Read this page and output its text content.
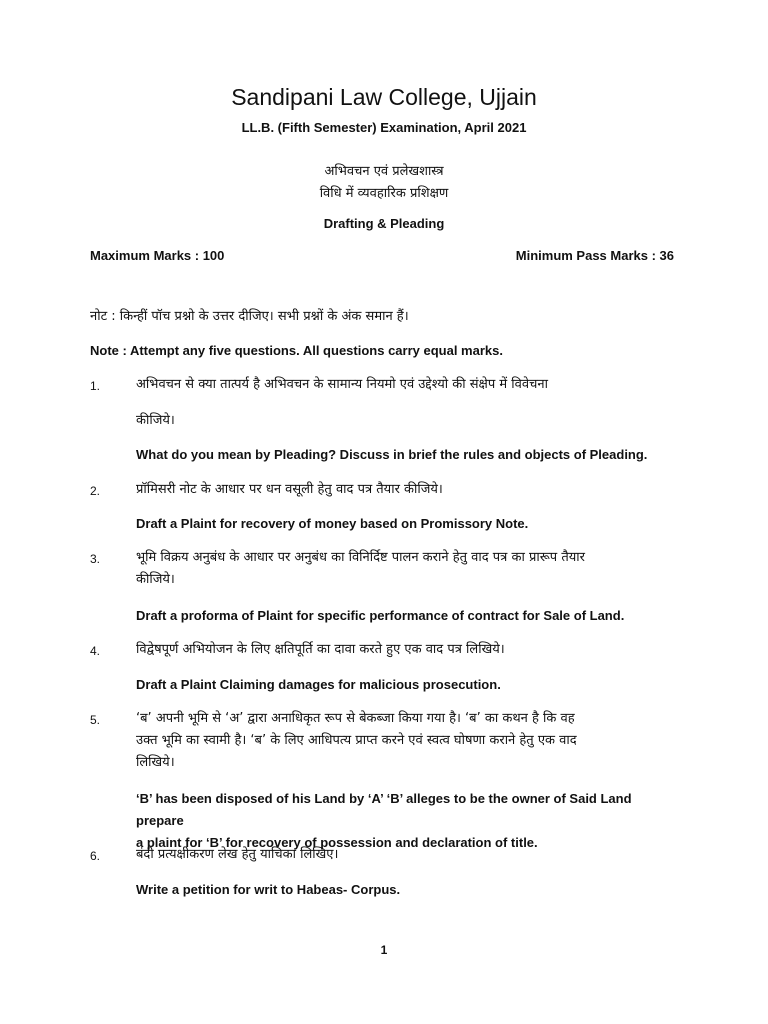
Sandipani Law College, Ujjain
LL.B. (Fifth Semester) Examination, April 2021
अभिवचन एवं प्रलेखशास्त्र
विधि में व्यवहारिक प्रशिक्षण
Drafting & Pleading
Maximum Marks : 100	Minimum Pass Marks : 36
नोट : किन्हीं पॉच प्रश्नो के उत्तर दीजिए। सभी प्रश्नों के अंक समान हैं।
Note : Attempt any five questions. All questions carry equal marks.
1.	अभिवचन से क्या तात्पर्य है अभिवचन के सामान्य नियमो एवं उद्देश्यो की संक्षेप में विवेचना
कीजिये।
What do you mean by Pleading? Discuss in brief the rules and objects of Pleading.
2.	प्रॉमिसरी नोट के आधार पर धन वसूली हेतु वाद पत्र तैयार कीजिये।
Draft a Plaint for recovery of money based on Promissory Note.
3.	भूमि विक्रय अनुबंध के आधार पर अनुबंध का विनिर्दिष्ट पालन कराने हेतु वाद पत्र का प्रारूप तैयार
कीजिये।
Draft a proforma of Plaint for specific performance of contract for Sale of Land.
4.	विद्वेषपूर्ण अभियोजन के लिए क्षतिपूर्ति का दावा करते हुए एक वाद पत्र लिखिये।
Draft a Plaint Claiming damages for malicious prosecution.
5.	‘ब’ अपनी भूमि से ‘अ’ द्वारा अनाधिकृत रूप से बेकब्जा किया गया है। ‘ब’ का कथन है कि वह
उक्त भूमि का स्वामी है। ‘ब’ के लिए आधिपत्य प्राप्त करने एवं स्वत्व घोषणा कराने हेतु एक वाद
लिखिये।
‘B’ has been disposed of his Land by ‘A’ ‘B’ alleges to be the owner of Said Land prepare
a plaint for ‘B’ for recovery of possession and declaration of title.
6.	बंदी प्रत्यक्षीकरण लेख हेतु याचिका लिखिए।
Write a petition for writ to Habeas- Corpus.
1
